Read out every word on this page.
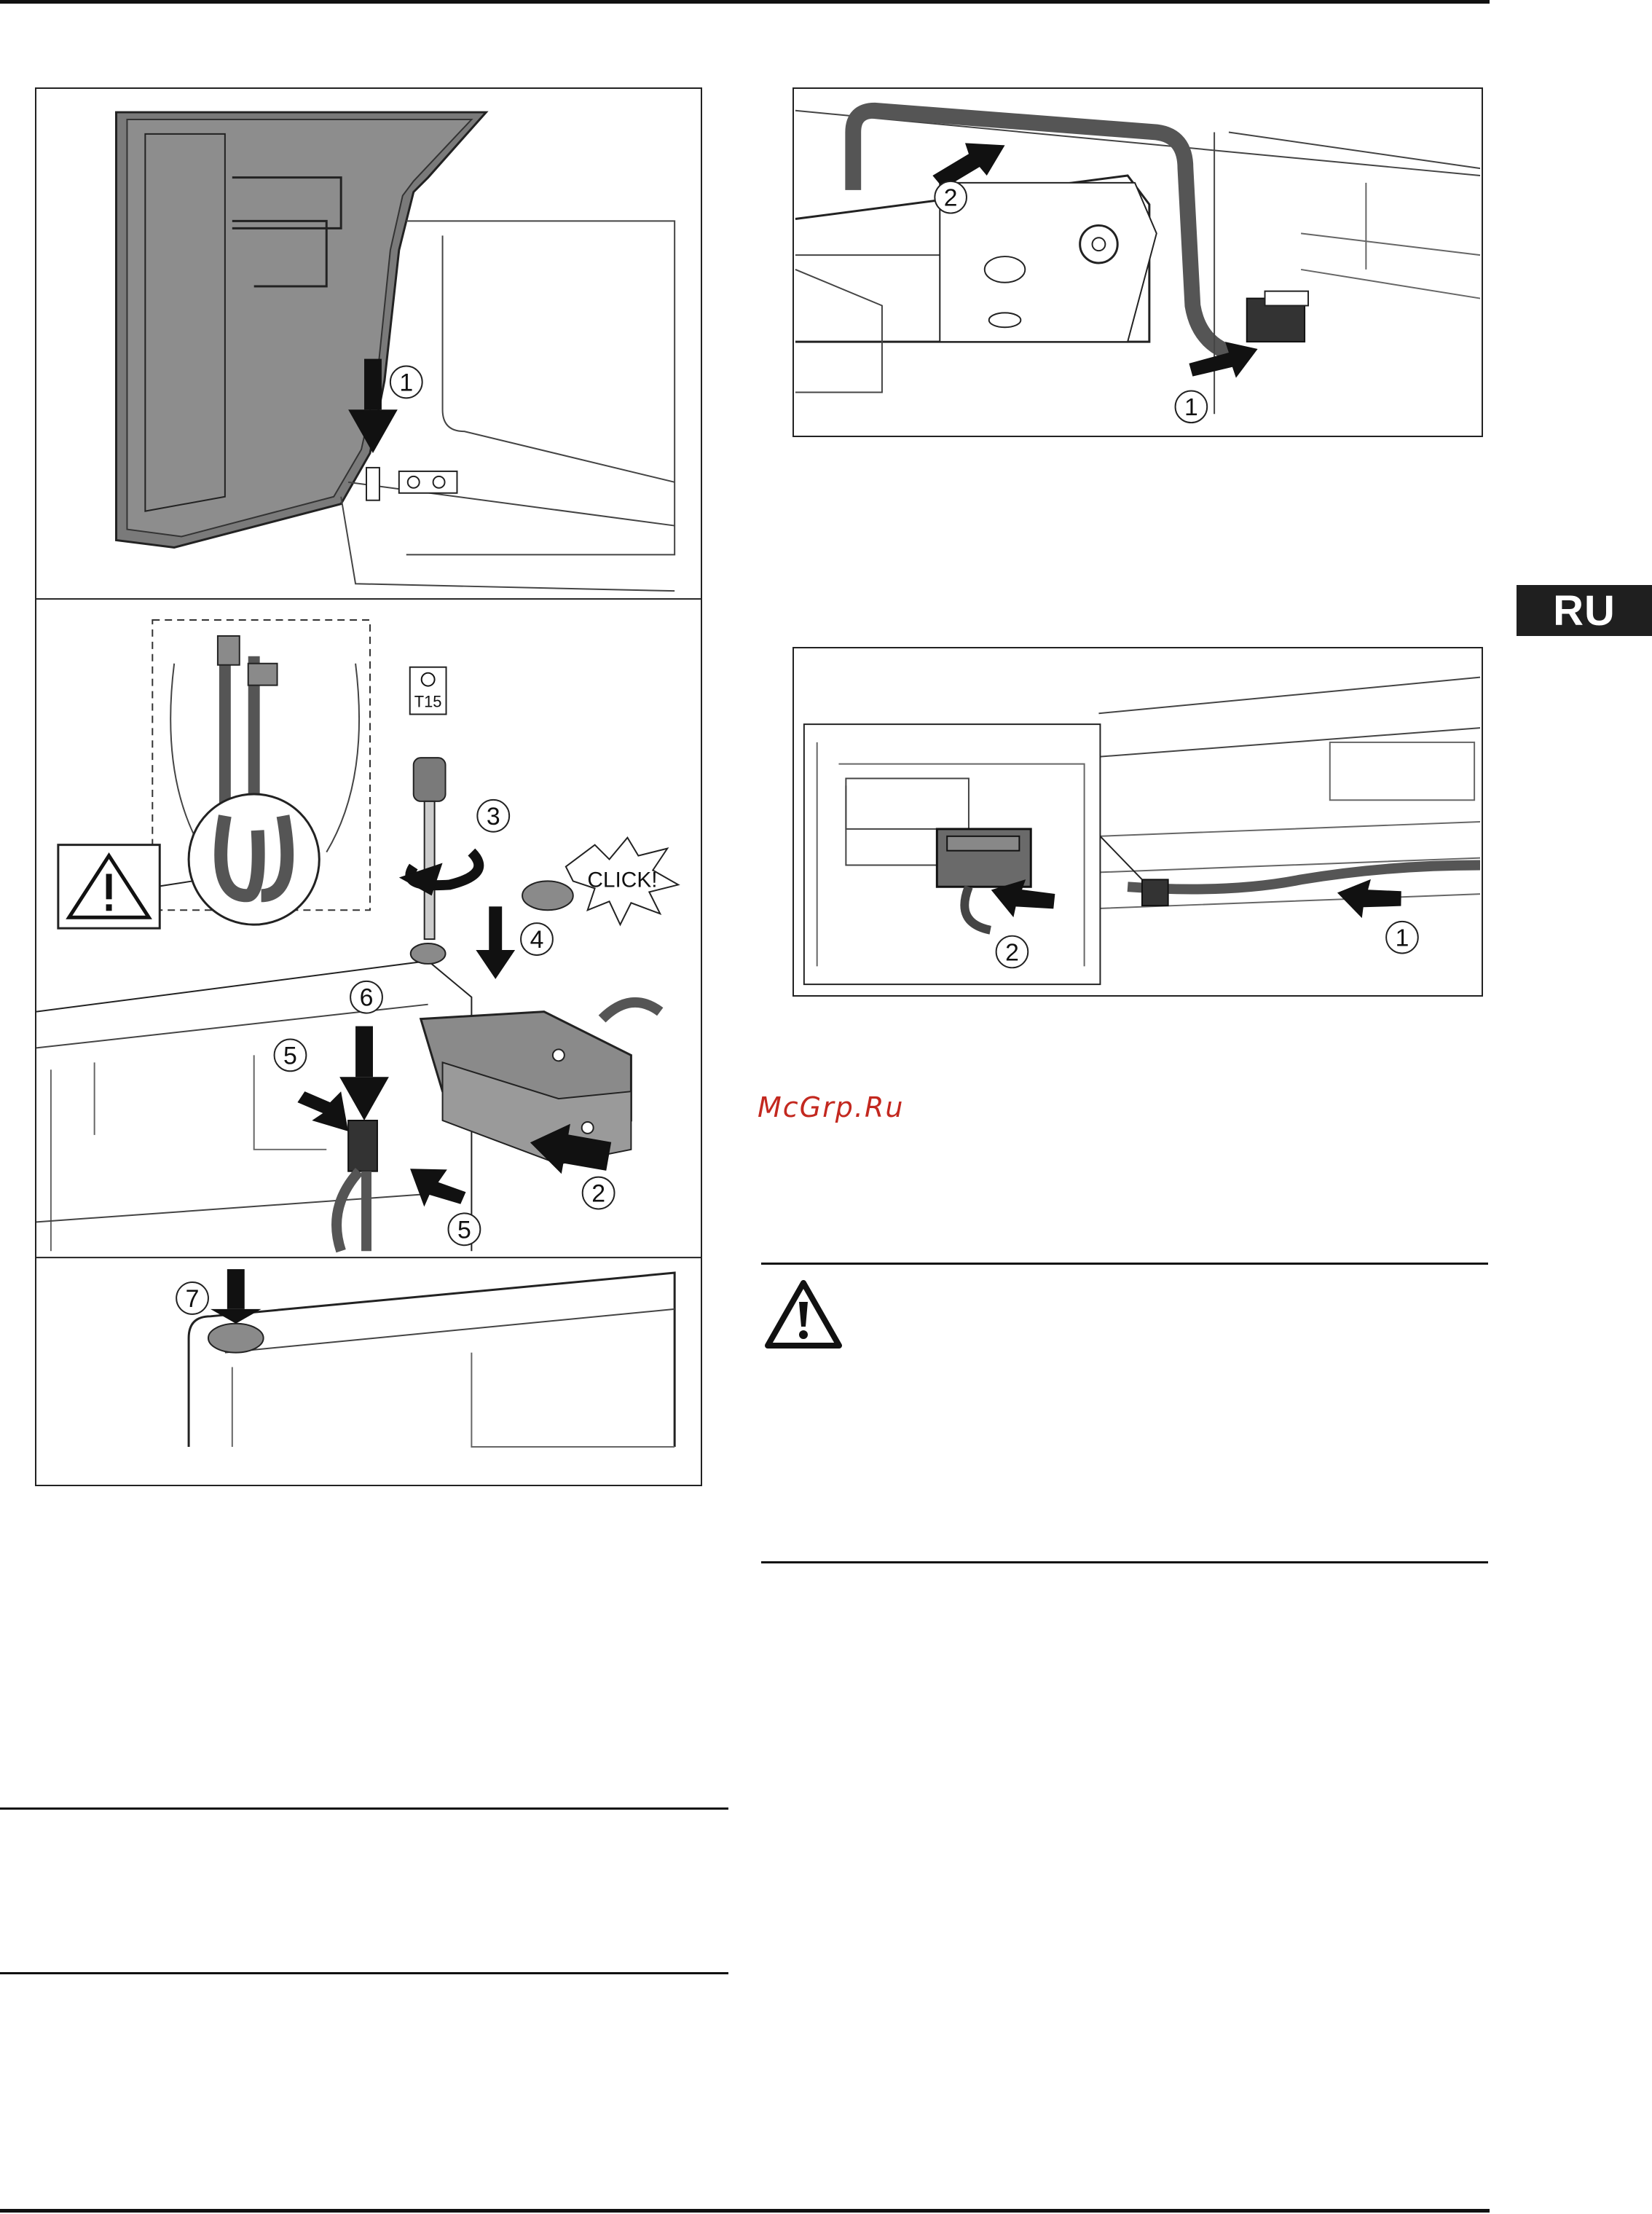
RU
McGrp.Ru
1
T15
3
CLICK!
4
2
6
5
5
7
1
2
2
1
